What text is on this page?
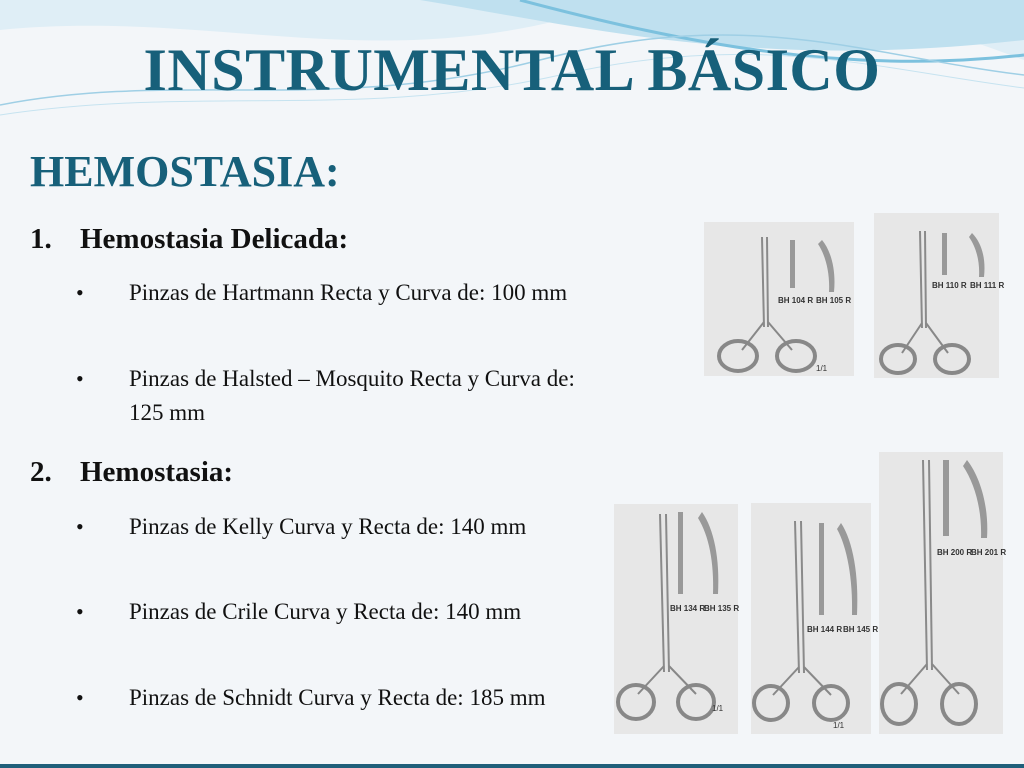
INSTRUMENTAL BÁSICO
HEMOSTASIA:
1. Hemostasia Delicada:
• Pinzas de Hartmann Recta y Curva de: 100 mm
• Pinzas de Halsted – Mosquito Recta y Curva de: 125 mm
2. Hemostasia:
• Pinzas de Kelly Curva y Recta de: 140 mm
• Pinzas de Crile Curva y Recta de: 140 mm
• Pinzas de Schnidt Curva y Recta de: 185 mm
BH 104 R BH 105 R
1/1
BH 110 R BH 111 R
BH 134 R
BH 135 R
1/1
BH 144 R BH 145 R
1/1
BH 200 R
BH 201 R
